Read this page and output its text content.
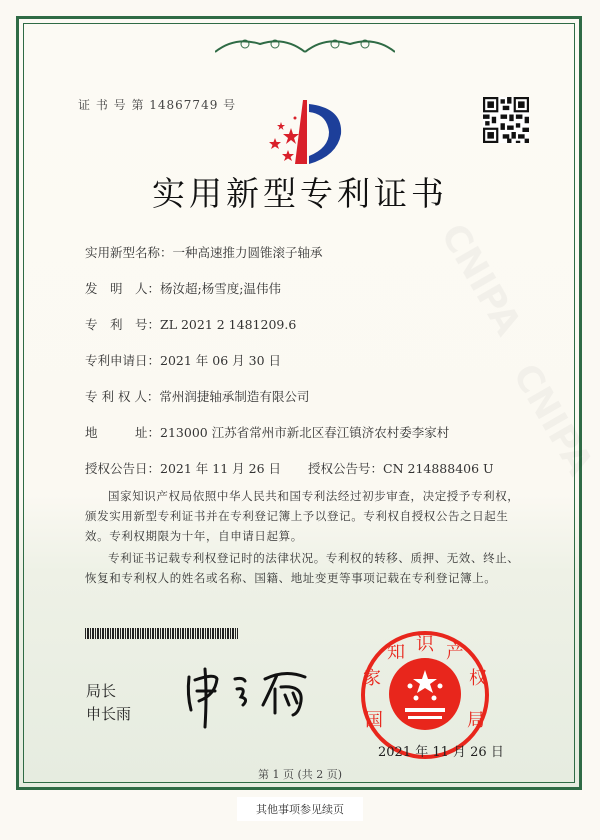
证 书 号 第 14867749 号
实用新型专利证书
实用新型名称：一种高速推力圆锥滚子轴承
发　明　人：杨汝超;杨雪度;温伟伟
专　利　号：ZL 2021 2 1481209.6
专利申请日：2021 年 06 月 30 日
专 利 权 人：常州润捷轴承制造有限公司
地　　　址：213000 江苏省常州市新北区春江镇济农村委李家村
授权公告日：2021 年 11 月 26 日 授权公告号：CN 214888406 U
国家知识产权局依照中华人民共和国专利法经过初步审查，决定授予专利权，颁发实用新型专利证书并在专利登记簿上予以登记。专利权自授权公告之日起生效。专利权期限为十年，自申请日起算。
专利证书记载专利权登记时的法律状况。专利权的转移、质押、无效、终止、恢复和专利权人的姓名或名称、国籍、地址变更等事项记载在专利登记簿上。
局长
申长雨	国
家
知 识 产
权
局
2021 年 11 月 26 日
第 1 页 (共 2 页)
其他事项参见续页
